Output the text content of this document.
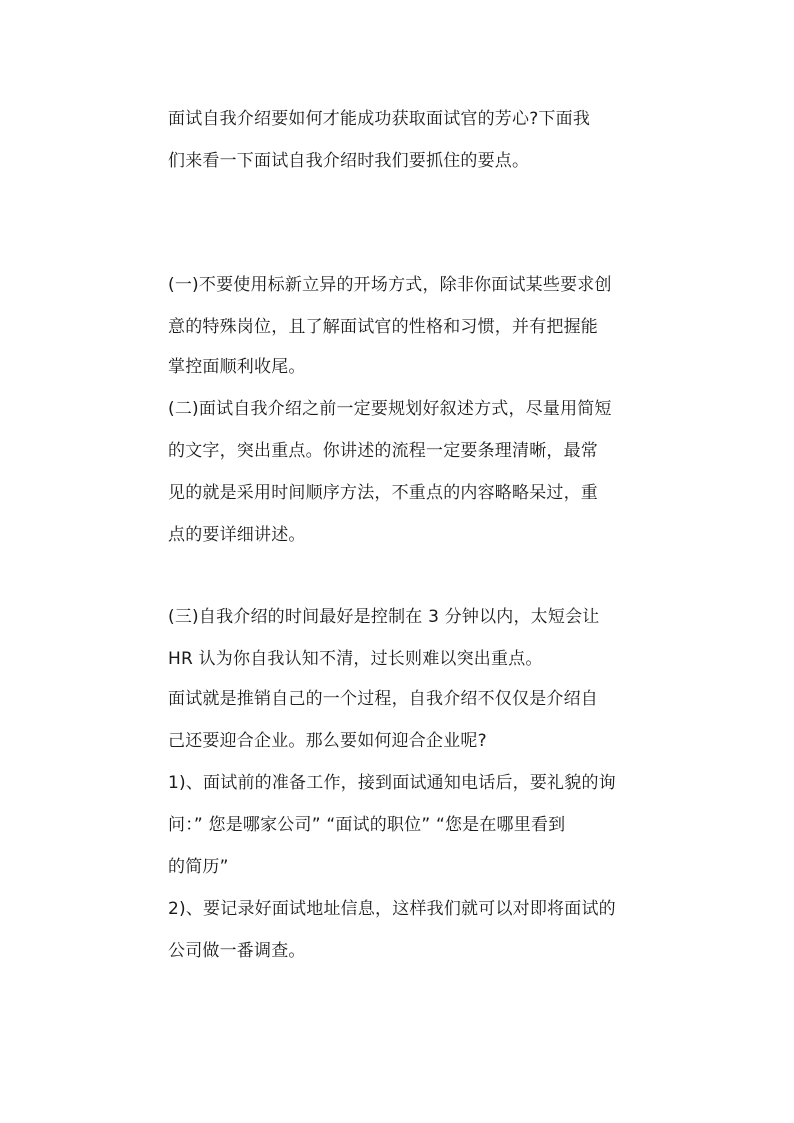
面试自我介绍要如何才能成功获取面试官的芳心?下面我
们来看一下面试自我介绍时我们要抓住的要点。
(一)不要使用标新立异的开场方式，除非你面试某些要求创
意的特殊岗位，且了解面试官的性格和习惯，并有把握能
掌控面顺利收尾。
(二)面试自我介绍之前一定要规划好叙述方式，尽量用简短
的文字，突出重点。你讲述的流程一定要条理清晰，最常
见的就是采用时间顺序方法，不重点的内容略略呆过，重
点的要详细讲述。
(三)自我介绍的时间最好是控制在 3 分钟以内，太短会让
HR 认为你自我认知不清，过长则难以突出重点。
面试就是推销自己的一个过程，自我介绍不仅仅是介绍自
己还要迎合企业。那么要如何迎合企业呢?
1)、面试前的准备工作，接到面试通知电话后，要礼貌的询
问：” 您是哪家公司” “面试的职位” “您是在哪里看到
的简历”
2)、要记录好面试地址信息，这样我们就可以对即将面试的
公司做一番调查。
